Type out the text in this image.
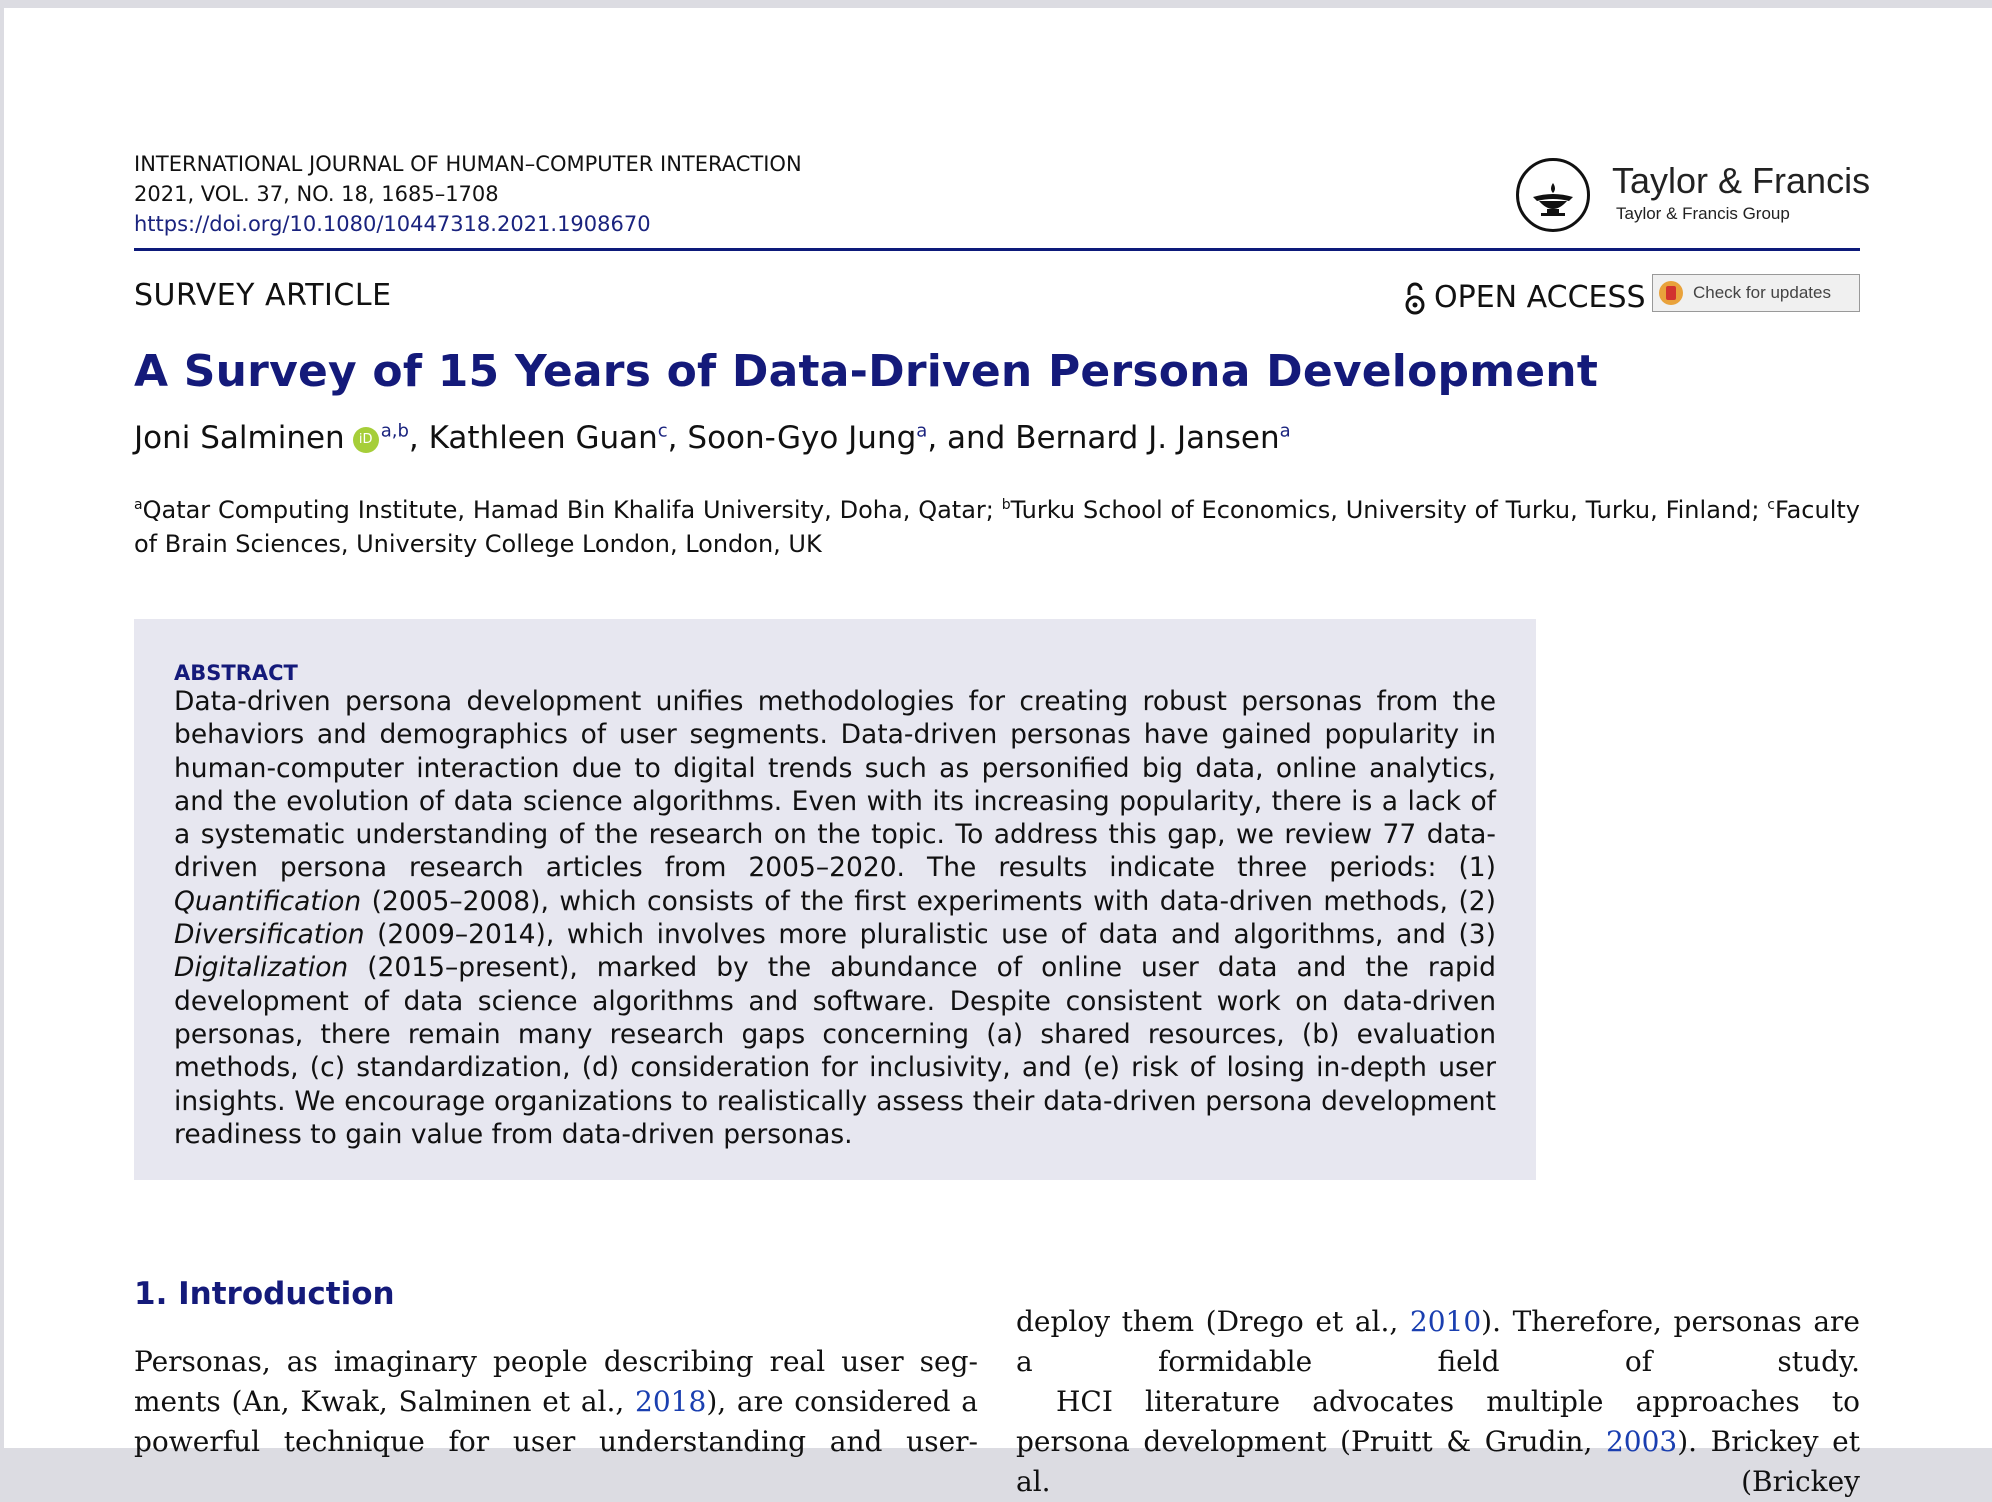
INTERNATIONAL JOURNAL OF HUMAN–COMPUTER INTERACTION
2021, VOL. 37, NO. 18, 1685–1708
https://doi.org/10.1080/10447318.2021.1908670
Taylor & Francis
Taylor & Francis Group
SURVEY ARTICLE	OPEN ACCESS	Check for updates
A Survey of 15 Years of Data-Driven Persona Development
Joni Salminen iD $^{a,b}$, Kathleen Guan$^c$, Soon-Gyo Jung$^a$, and Bernard J. Jansen$^a$
$^a$Qatar Computing Institute, Hamad Bin Khalifa University, Doha, Qatar; $^b$Turku School of Economics, University of Turku, Turku, Finland; $^c$Faculty of Brain Sciences, University College London, London, UK
ABSTRACT
Data-driven persona development unifies methodologies for creating robust personas from the behaviors and demographics of user segments. Data-driven personas have gained popularity in human-computer interaction due to digital trends such as personified big data, online analytics, and the evolution of data science algorithms. Even with its increasing popularity, there is a lack of a systematic understanding of the research on the topic. To address this gap, we review 77 data-driven persona research articles from 2005–2020. The results indicate three periods: (1) Quantification (2005–2008), which consists of the first experiments with data-driven methods, (2) Diversification (2009–2014), which involves more pluralistic use of data and algorithms, and (3) Digitalization (2015–present), marked by the abundance of online user data and the rapid development of data science algorithms and software. Despite consistent work on data-driven personas, there remain many research gaps concerning (a) shared resources, (b) evaluation methods, (c) standardization, (d) consideration for inclusivity, and (e) risk of losing in-depth user insights. We encourage organizations to realistically assess their data-driven persona development readiness to gain value from data-driven personas.
1. Introduction
Personas, as imaginary people describing real user segments (An, Kwak, Salminen et al., 2018), are considered a powerful technique for user understanding and user-
deploy them (Drego et al., 2010). Therefore, personas are a formidable field of study.
HCI literature advocates multiple approaches to persona development (Pruitt & Grudin, 2003). Brickey et al. (Brickey
